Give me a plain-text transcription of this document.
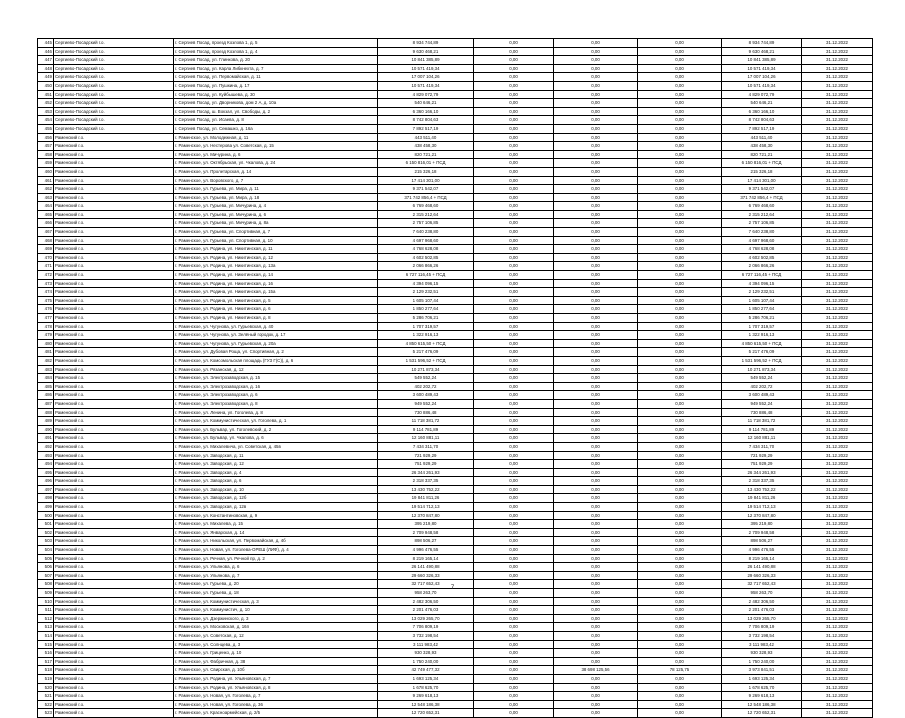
445	Сергиево-Посадский г.о.	г. Сергиев Посад, проезд Козлова 1, д. 5	8 934 744,89	0,00	0,00	0,00	8 934 744,89	31.12.2022
446	Сергиево-Посадский г.о.	г. Сергиев Посад, проезд Козлова 1, д. 4	9 630 468,21	0,00	0,00	0,00	9 630 468,21	31.12.2022
447	Сергиево-Посадский г.о.	г. Сергиев Посад, ул. Глинкова, д. 20	10 841 385,89	0,00	0,00	0,00	10 841 385,89	31.12.2022
448	Сергиево-Посадский г.о.	г. Сергиев Посад, ул. Карла Либкнехта, д. 7	10 571 419,34	0,00	0,00	0,00	10 571 419,34	31.12.2022
449	Сергиево-Посадский г.о.	г. Сергиев Посад, ул. Первомайская, д. 11	17 007 104,26	0,00	0,00	0,00	17 007 104,26	31.12.2022
450	Сергиево-Посадский г.о.	г. Сергиев Посад, ул. Пушкина, д. 17	10 571 419,34	0,00	0,00	0,00	10 571 419,34	31.12.2022
451	Сергиево-Посадский г.о.	г. Сергиев Посад, ул. Куйбышева, д. 30	4 829 072,79	0,00	0,00	0,00	4 829 072,79	31.12.2022
452	Сергиево-Посадский г.о.	г. Сергиев Посад, ул. Дворникова, дом 2 А, д. 10а	540 646,21	0,00	0,00	0,00	540 646,21	31.12.2022
453	Сергиево-Посадский г.о.	г. Сергиев Посад, ш. Вокзал, ул. Свободы, д. 2	6 360 166,10	0,00	0,00	0,00	6 360 166,10	31.12.2022
454	Сергиево-Посадский г.о.	г. Сергиев Посад, ул. Исаева, д. 8	8 742 804,63	0,00	0,00	0,00	8 742 804,63	31.12.2022
455	Сергиево-Посадский г.о.	г. Сергиев Посад, ул. Семашко, д. 16а	7 892 517,19	0,00	0,00	0,00	7 892 517,19	31.12.2022
456	Раменский г.о.	г. Раменское, ул. Молодежная, д. 11	443 511,40	0,00	0,00	0,00	443 511,40	31.12.2022
457	Раменский г.о.	г. Раменское, ул. Нестерова ул. Советская, д. 15	438 458,30	0,00	0,00	0,00	438 458,30	31.12.2022
458	Раменский г.о.	г. Раменское, ул. Мичурина, д. 6	820 721,21	0,00	0,00	0,00	820 721,21	31.12.2022
459	Раменский г.о.	г. Раменское, ул. Октябрьская, ул. Чкалова, д. 24	6 150 816,01 + ПСД	0,00	0,00	0,00	6 150 816,01 + ПСД	31.12.2022
460	Раменский г.о.	г. Раменское, ул. Пролетарская, д. 14	215 326,18	0,00	0,00	0,00	215 326,18	31.12.2022
461	Раменский г.о.	г. Раменское, ул. Воровского, д. 7	17 414 301,00	0,00	0,00	0,00	17 414 301,00	31.12.2022
462	Раменский г.о.	г. Раменское, ул. Гурьева, ул. Мира, д. 11	9 371 542,07	0,00	0,00	0,00	9 371 542,07	31.12.2022
463	Раменский г.о.	г. Раменское, ул. Гурьева, ул. Мира, д. 18	371 742 856,4 + ПСД	0,00	0,00	0,00	371 742 856,4 + ПСД	31.12.2022
464	Раменский г.о.	г. Раменское, ул. Гурьева, ул. Мичурина, д. 4	6 769 468,60	0,00	0,00	0,00	6 769 468,60	31.12.2022
465	Раменский г.о.	г. Раменское, ул. Гурьева, ул. Мичурина, д. 6	2 315 212,64	0,00	0,00	0,00	2 315 212,64	31.12.2022
466	Раменский г.о.	г. Раменское, ул. Гурьева, ул. Мичурина, д. 8а	2 757 106,85	0,00	0,00	0,00	2 757 106,85	31.12.2022
467	Раменский г.о.	г. Раменское, ул. Гурьева, ул. Спортивная, д. 7	7 640 238,80	0,00	0,00	0,00	7 640 238,80	31.12.2022
468	Раменский г.о.	г. Раменское, ул. Гурьева, ул. Спортивная, д. 10	4 697 968,60	0,00	0,00	0,00	4 697 968,60	31.12.2022
469	Раменский г.о.	г. Раменское, ул. Родина, ул. Никитинская, д. 11	4 768 628,08	0,00	0,00	0,00	4 768 628,08	31.12.2022
470	Раменский г.о.	г. Раменское, ул. Родина, ул. Никитинская, д. 12	4 602 502,85	0,00	0,00	0,00	4 602 502,85	31.12.2022
471	Раменский г.о.	г. Раменское, ул. Родина, ул. Никитинская, д. 13а	2 066 866,26	0,00	0,00	0,00	2 066 866,26	31.12.2022
472	Раменский г.о.	г. Раменское, ул. Родина, ул. Никитинская, д. 14	6 727 116,45 + ПСД	0,00	0,00	0,00	6 727 116,45 + ПСД	31.12.2022
473	Раменский г.о.	г. Раменское, ул. Родина, ул. Никитинская, д. 16	4 394 096,15	0,00	0,00	0,00	4 394 096,15	31.12.2022
474	Раменский г.о.	г. Раменское, ул. Родина, ул. Никитинская, д. 15а	2 129 232,51	0,00	0,00	0,00	2 129 232,51	31.12.2022
475	Раменский г.о.	г. Раменское, ул. Родина, ул. Никитинская, д. 5	1 605 107,44	0,00	0,00	0,00	1 605 107,44	31.12.2022
476	Раменский г.о.	г. Раменское, ул. Родина, ул. Никитинская, д. 6	1 850 277,64	0,00	0,00	0,00	1 850 277,64	31.12.2022
477	Раменский г.о.	г. Раменское, ул. Родина, ул. Никитинская, д. 8	5 286 706,21	0,00	0,00	0,00	5 286 706,21	31.12.2022
478	Раменский г.о.	г. Раменское, ул. Чугунова, ул. Гурьевская, д. 40	1 707 319,57	0,00	0,00	0,00	1 707 319,57	31.12.2022
479	Раменский г.о.	г. Раменское, ул. Чугунова, ул. Зелёный городок, д. 17	1 322 916,13	0,00	0,00	0,00	1 322 916,13	31.12.2022
480	Раменский г.о.	г. Раменское, ул. Чугунова, ул. Гурьевская, д. 20а	4 850 615,50 + ПСД	0,00	0,00	0,00	4 850 615,50 + ПСД	31.12.2022
481	Раменский г.о.	г. Раменское, ул. Дубовая Роща, ул. Спортивная, д. 2	5 217 476,09	0,00	0,00	0,00	5 217 476,09	31.12.2022
482	Раменский г.о.	г. Раменское, ул. Комсомольская площадь (ГУЗ Г(С)), д. 6	1 531 596,52 + ПСД	0,00	0,00	0,00	1 531 596,52 + ПСД	31.12.2022
483	Раменский г.о.	г. Раменское, ул. Рязанская, д. 12	10 271 873,34	0,00	0,00	0,00	10 271 873,34	31.12.2022
484	Раменский г.о.	г. Раменское, ул. Электрозаводская, д. 15	549 552,24	0,00	0,00	0,00	549 552,24	31.12.2022
485	Раменский г.о.	г. Раменское, ул. Электрозаводская, д. 16	402 202,72	0,00	0,00	0,00	402 202,72	31.12.2022
486	Раменский г.о.	г. Раменское, ул. Электрозаводская, д. 6	3 600 489,43	0,00	0,00	0,00	3 600 489,43	31.12.2022
487	Раменский г.о.	г. Раменское, ул. Электрозаводская, д. 8	949 552,24	0,00	0,00	0,00	949 552,24	31.12.2022
488	Раменский г.о.	г. Раменское, ул. Ленина, ул. Гоголева, д. 8	730 886,48	0,00	0,00	0,00	730 886,48	31.12.2022
489	Раменский г.о.	г. Раменское, ул. Коммунистическая, ул. Гоголева, д. 1	11 718 381,72	0,00	0,00	0,00	11 718 381,72	31.12.2022
490	Раменский г.о.	г. Раменское, ул. Бульвар, ул. Гоголевский, д. 2	9 114 781,89	0,00	0,00	0,00	9 114 781,89	31.12.2022
491	Раменский г.о.	г. Раменское, ул. Бульвар, ул. Чкалова, д. 6	12 160 881,11	0,00	0,00	0,00	12 160 881,11	31.12.2022
492	Раменский г.о.	г. Раменское, ул. Михалевича, ул. Советская, д. 45в	7 434 311,70	0,00	0,00	0,00	7 434 311,70	31.12.2022
493	Раменский г.о.	г. Раменское, ул. Заводская, д. 11	721 929,29	0,00	0,00	0,00	721 929,29	31.12.2022
494	Раменский г.о.	г. Раменское, ул. Заводская, д. 12	751 929,29	0,00	0,00	0,00	751 929,29	31.12.2022
495	Раменский г.о.	г. Раменское, ул. Заводская, д. 4	26 344 261,93	0,00	0,00	0,00	26 344 261,93	31.12.2022
496	Раменский г.о.	г. Раменское, ул. Заводская, д. 6	2 318 337,35	0,00	0,00	0,00	2 318 337,35	31.12.2022
497	Раменский г.о.	г. Раменское, ул. Заводская, д. 10	13 430 752,22	0,00	0,00	0,00	13 430 752,22	31.12.2022
498	Раменский г.о.	г. Раменское, ул. Заводская, д. 12б	19 841 811,26	0,00	0,00	0,00	19 841 811,26	31.12.2022
499	Раменский г.о.	г. Раменское, ул. Заводская, д. 12в	19 514 712,13	0,00	0,00	0,00	19 514 712,13	31.12.2022
500	Раменский г.о.	г. Раменское, ул. Константиновская, д. 9	12 370 847,80	0,00	0,00	0,00	12 370 847,80	31.12.2022
501	Раменский г.о.	г. Раменское, ул. Михалева, д. 15	395 219,80	0,00	0,00	0,00	395 219,80	31.12.2022
502	Раменский г.о.	г. Раменское, ул. Январская, д. 14	2 709 948,58	0,00	0,00	0,00	2 709 948,58	31.12.2022
503	Раменский г.о.	г. Раменское, ул. Никольская, ул. Первомайская, д. 4б	898 506,27	0,00	0,00	0,00	898 506,27	31.12.2022
504	Раменский г.о.	г. Раменское, ул. Новая, ул. Гоголева-ОРЕШ (ЛИФ), д. 4	4 996 476,55	0,00	0,00	0,00	4 996 476,55	31.12.2022
505	Раменский г.о.	г. Раменское, ул. Речная, ул. Речной пр, д. 2	8 219 165,14	0,00	0,00	0,00	8 219 165,14	31.12.2022
506	Раменский г.о.	г. Раменское, ул. Ульянова, д. 6	26 141 490,88	0,00	0,00	0,00	26 141 490,88	31.12.2022
507	Раменский г.о.	г. Раменское, ул. Ульянова, д. 7	29 660 326,33	0,00	0,00	0,00	29 660 326,33	31.12.2022
508	Раменский г.о.	г. Раменское, ул. Гурьева, д. 20	32 717 652,43	0,00	0,00	0,00	32 717 652,43	31.12.2022
509	Раменский г.о.	г. Раменское, ул. Гурьева, д. 18	958 263,70	0,00	0,00	0,00	958 263,70	31.12.2022
510	Раменский г.о.	г. Раменское, ул. Коммунистическая, д. 3	2 482 306,50	0,00	0,00	0,00	2 482 306,50	31.12.2022
511	Раменский г.о.	г. Раменское, ул. Коммунистич, д. 10	2 201 476,03	0,00	0,00	0,00	2 201 476,03	31.12.2022
512	Раменский г.о.	г. Раменское, ул. Дзержинского, д. 3	13 029 265,70	0,00	0,00	0,00	13 029 265,70	31.12.2022
513	Раменский г.о.	г. Раменское, ул. Московская, д. 16п	7 706 809,19	0,00	0,00	0,00	7 706 809,19	31.12.2022
514	Раменский г.о.	г. Раменское, ул. Советская, д. 12	3 732 198,54	0,00	0,00	0,00	3 732 198,54	31.12.2022
515	Раменский г.о.	г. Раменское, ул. Солнцева, д. 3	3 111 983,42	0,00	0,00	0,00	3 111 983,42	31.12.2022
516	Раменский г.о.	г. Раменское, ул. Гриценко, д. 10	930 328,93	0,00	0,00	0,00	930 328,93	31.12.2022
517	Раменский г.о.	г. Раменское, ул. Фабричная, д. 38	1 750 240,00	0,00	0,00	0,00	1 750 240,00	31.12.2022
518	Раменский г.о.	г. Раменское, ул. Свирская, д. 10б	42 749 477,32	0,00	38 698 125,56	78 125,75	3 973 841,51	31.12.2022
519	Раменский г.о.	г. Раменское, ул. Родина, ул. Ульяновская, д. 7	1 693 125,34	0,00	0,00	0,00	1 693 125,34	31.12.2022
520	Раменский г.о.	г. Раменское, ул. Родина, ул. Ульяновская, д. 8	1 678 625,70	0,00	0,00	0,00	1 678 625,70	31.12.2022
521	Раменский г.о.	г. Раменское, ул. Новая, ул. Гоголева, д. 7	9 269 618,13	0,00	0,00	0,00	9 269 618,13	31.12.2022
522	Раменский г.о.	г. Раменское, ул. Новая, ул. Гоголева, д. 36	12 548 186,38	0,00	0,00	0,00	12 548 186,38	31.12.2022
523	Раменский г.о.	г. Раменское, ул. Красноармейская, д. 2/5	12 720 652,31	0,00	0,00	0,00	12 720 652,31	31.12.2022
7
